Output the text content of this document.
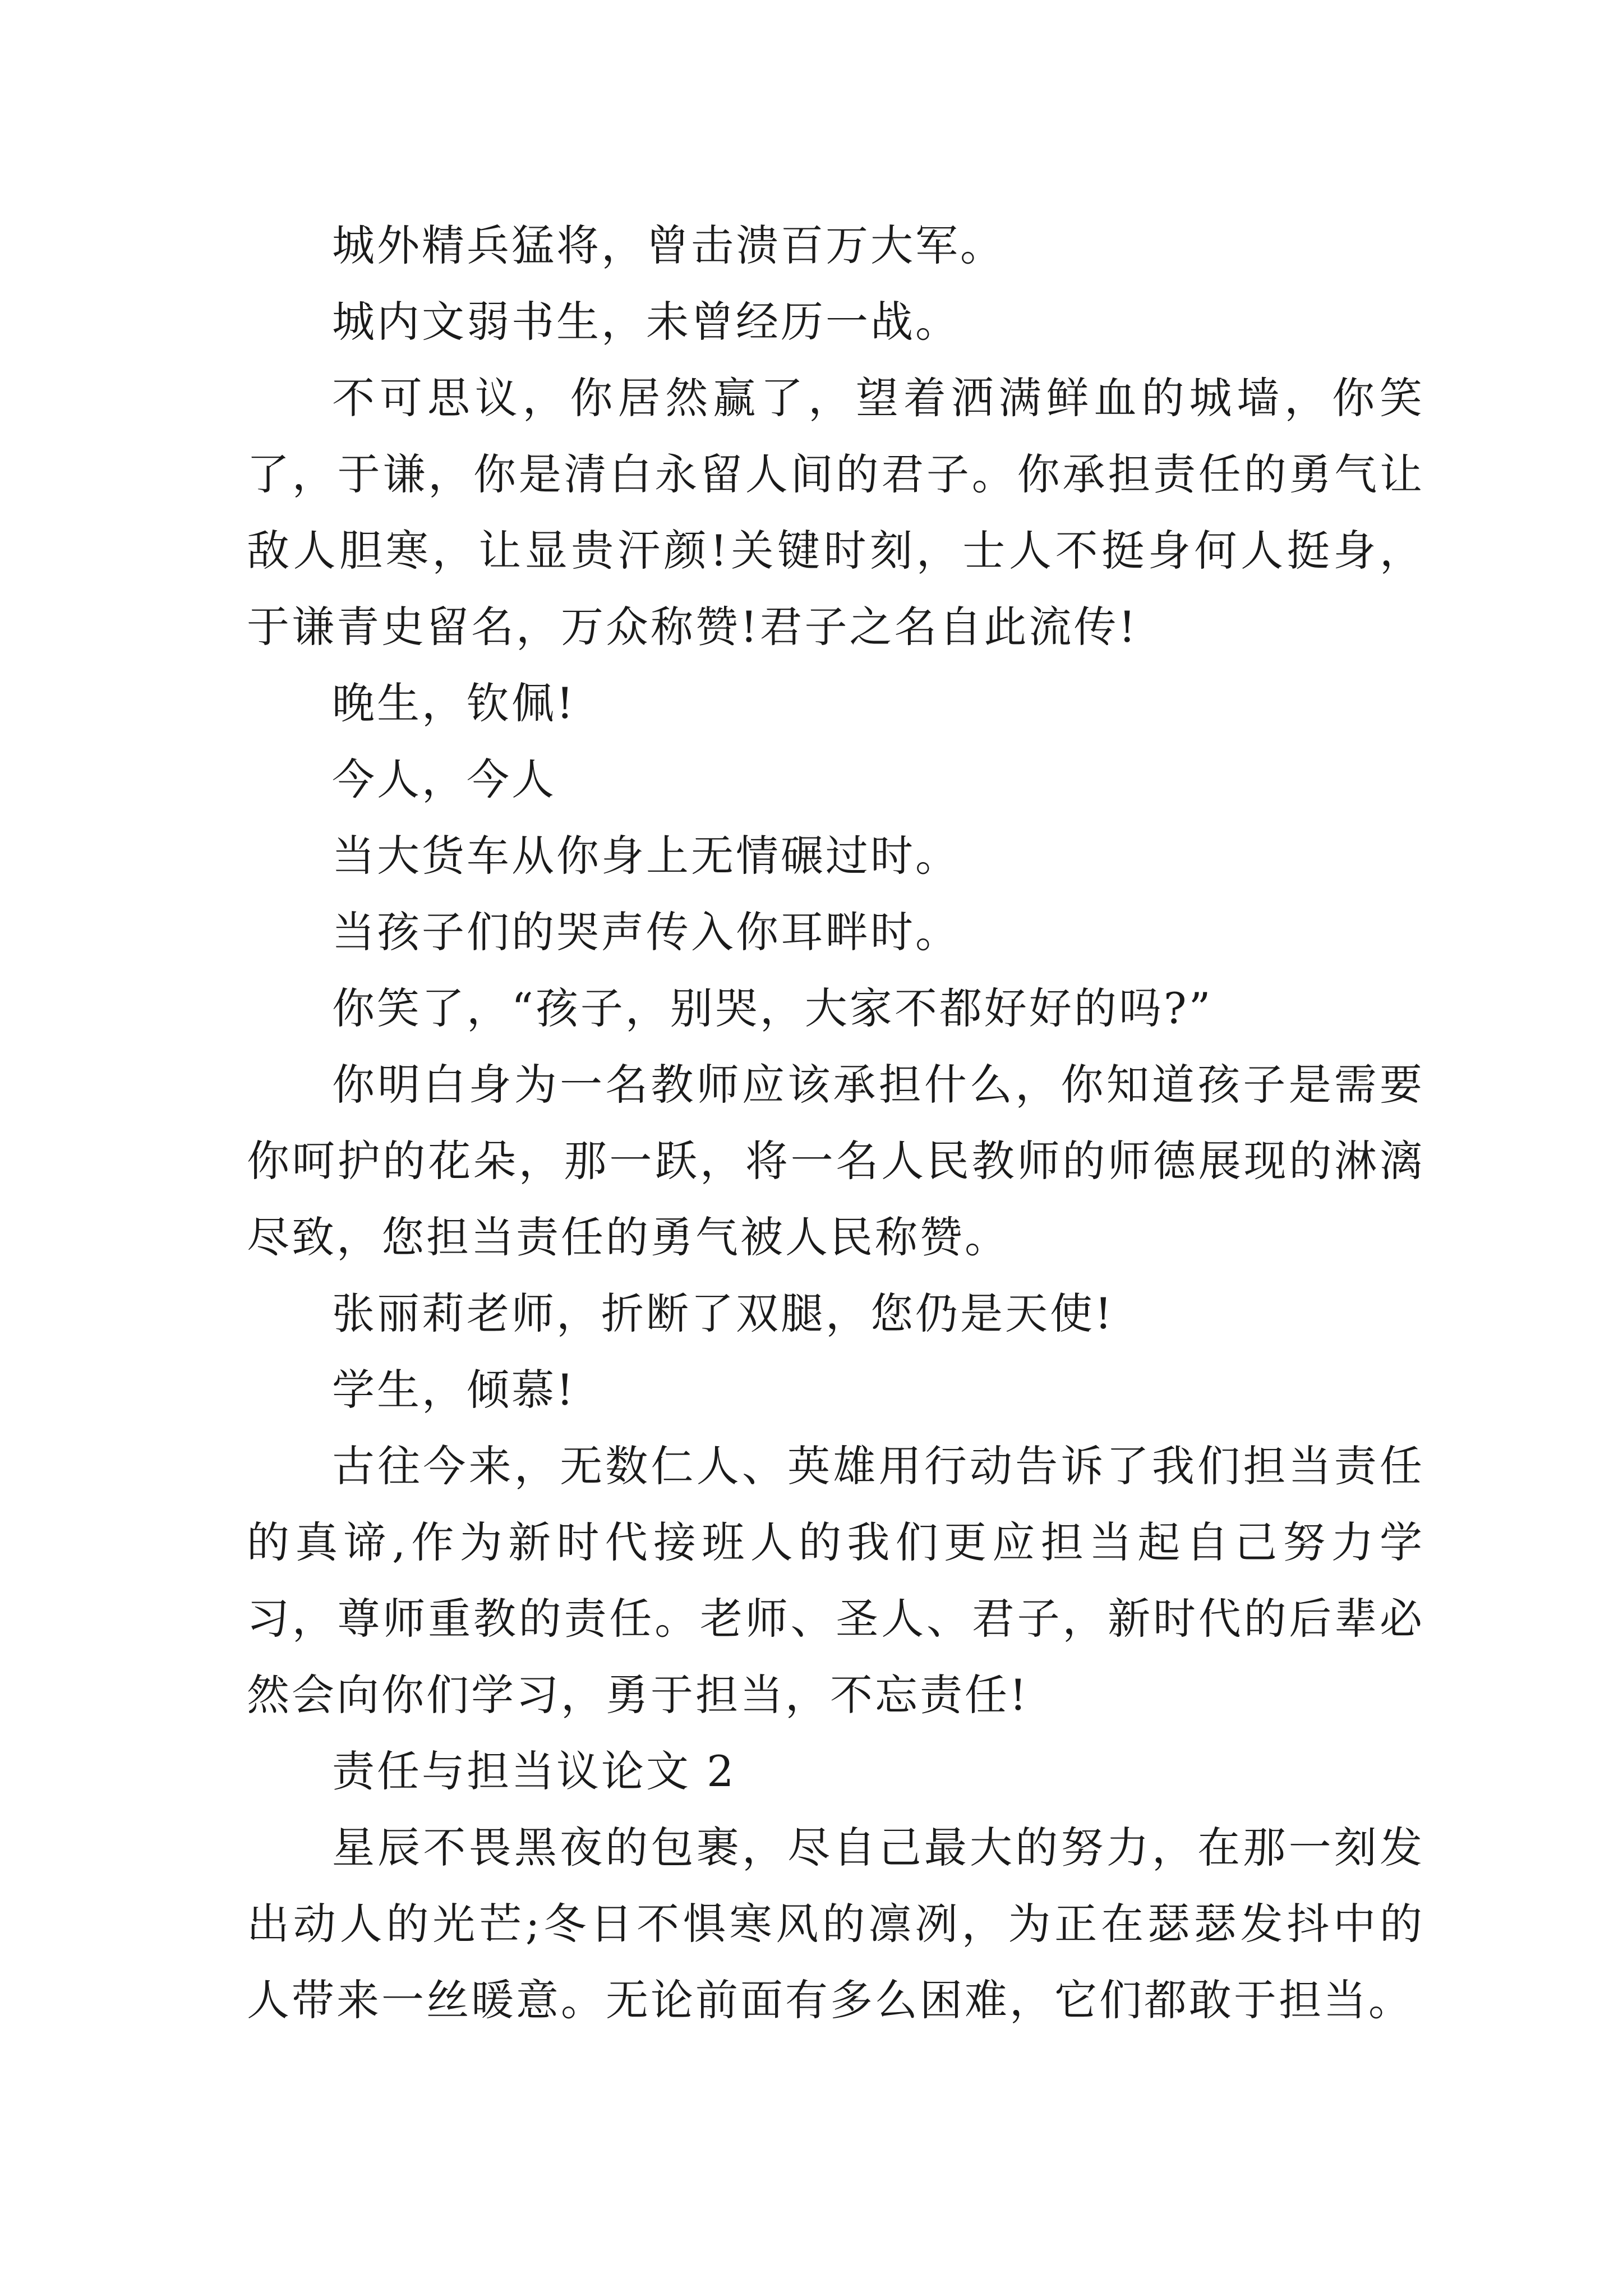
城外精兵猛将，曾击溃百万大军。

城内文弱书生，未曾经历一战。

不可思议，你居然赢了，望着洒满鲜血的城墙，你笑了，于谦，你是清白永留人间的君子。你承担责任的勇气让敌人胆寒，让显贵汗颜!关键时刻，士人不挺身何人挺身，于谦青史留名，万众称赞!君子之名自此流传!

晚生，钦佩!

今人，今人

当大货车从你身上无情碾过时。

当孩子们的哭声传入你耳畔时。

你笑了，“孩子，别哭，大家不都好好的吗?”

你明白身为一名教师应该承担什么，你知道孩子是需要你呵护的花朵，那一跃，将一名人民教师的师德展现的淋漓尽致，您担当责任的勇气被人民称赞。

张丽莉老师，折断了双腿，您仍是天使!

学生，倾慕!

古往今来，无数仁人、英雄用行动告诉了我们担当责任的真谛,作为新时代接班人的我们更应担当起自己努力学习，尊师重教的责任。老师、圣人、君子，新时代的后辈必然会向你们学习，勇于担当，不忘责任!

责任与担当议论文 2

星辰不畏黑夜的包裹，尽自己最大的努力，在那一刻发出动人的光芒;冬日不惧寒风的凛冽，为正在瑟瑟发抖中的人带来一丝暖意。无论前面有多么困难，它们都敢于担当。
